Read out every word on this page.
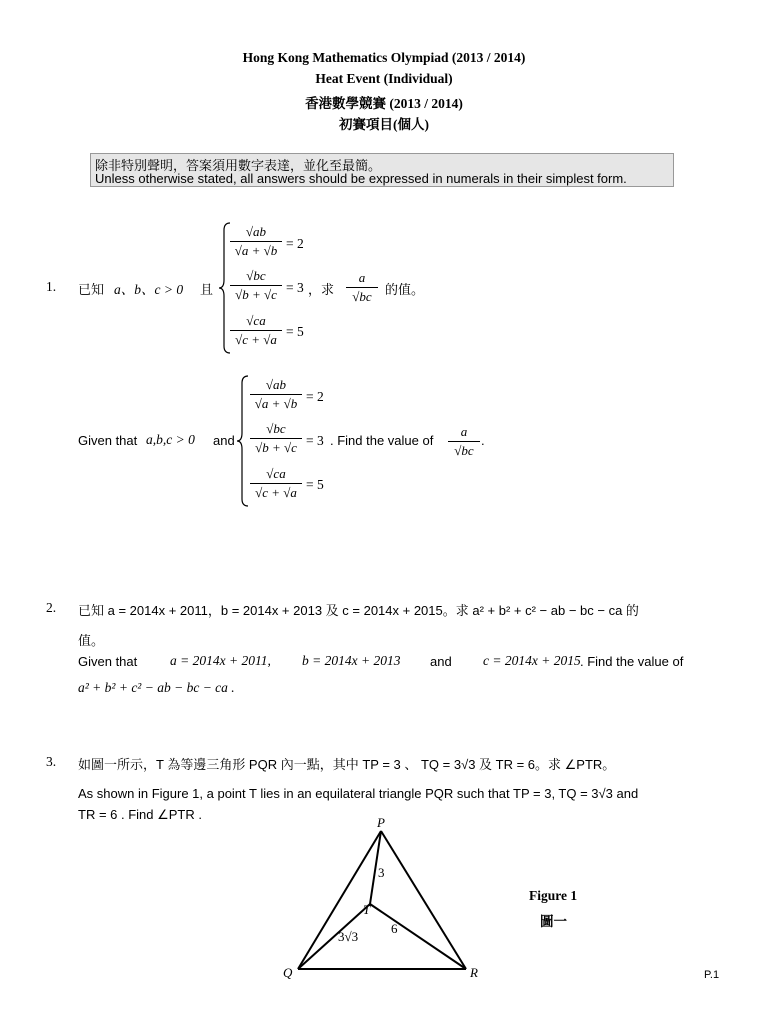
Hong Kong Mathematics Olympiad (2013 / 2014)
Heat Event (Individual)
香港數學競賽 (2013 / 2014)
初賽項目(個人)
除非特別聲明，答案須用數字表達，並化至最簡。
Unless otherwise stated, all answers should be expressed in numerals in their simplest form.
1. 已知 a、b、c > 0 且
√ab
√a + √b = 2
√bc
√b + √c = 3
√ca
√c + √a
= 5
，求
a
√bc	的值。
Given that a,b,c > 0 and
√ab
√a + √b = 2
√bc
√b + √c = 3
√ca
√c + √a
= 5
. Find the value of
a
√bc
.
2. 已知 a = 2014x + 2011，b = 2014x + 2013 及 c = 2014x + 2015。求 a² + b² + c² − ab − bc − ca 的
值。
Given that a = 2014x + 2011, b = 2014x + 2013 and c = 2014x + 2015 . Find the value of
a² + b² + c² − ab − bc − ca .
3. 如圖一所示，T 為等邊三角形 PQR 內一點，其中 TP = 3 、 TQ = 3√3 及 TR = 6。求 ∠PTR。
As shown in Figure 1, a point T lies in an equilateral triangle PQR such that TP = 3, TQ = 3√3 and
TR = 6 . Find ∠PTR .
P
Q	R
T
3
3√3
6
Figure 1
圖一
P.1
